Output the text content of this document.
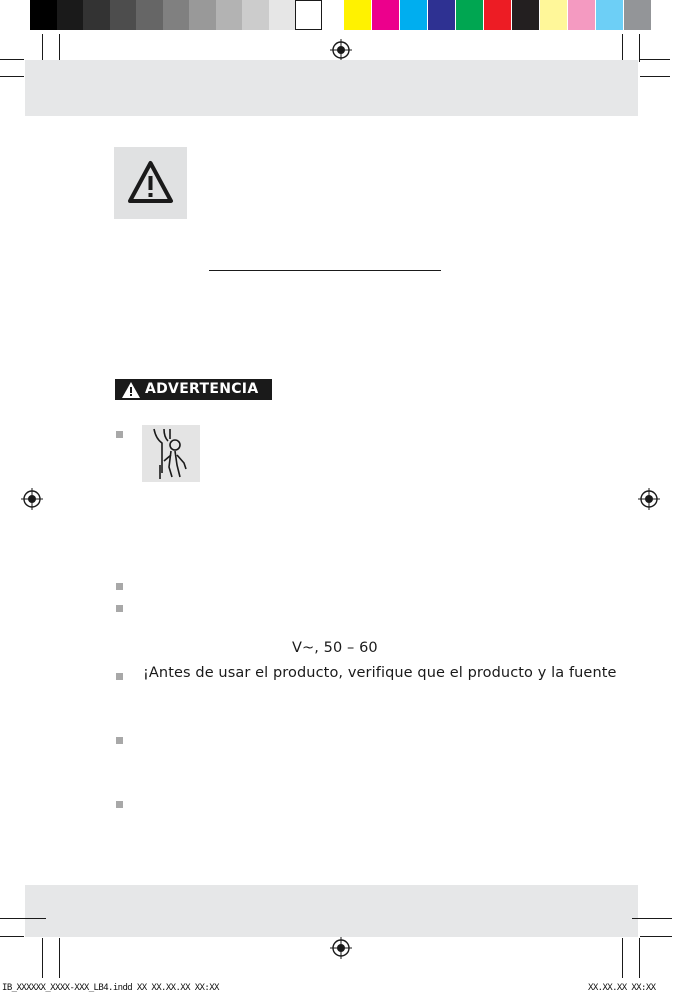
ADVERTENCIA
V~, 50 – 60
¡Antes de usar el producto, verifique que el producto y la fuente
IB_XXXXXX_XXXX-XXX_LB4.indd XX XX.XX.XX XX:XX	XX.XX.XX XX:XX
